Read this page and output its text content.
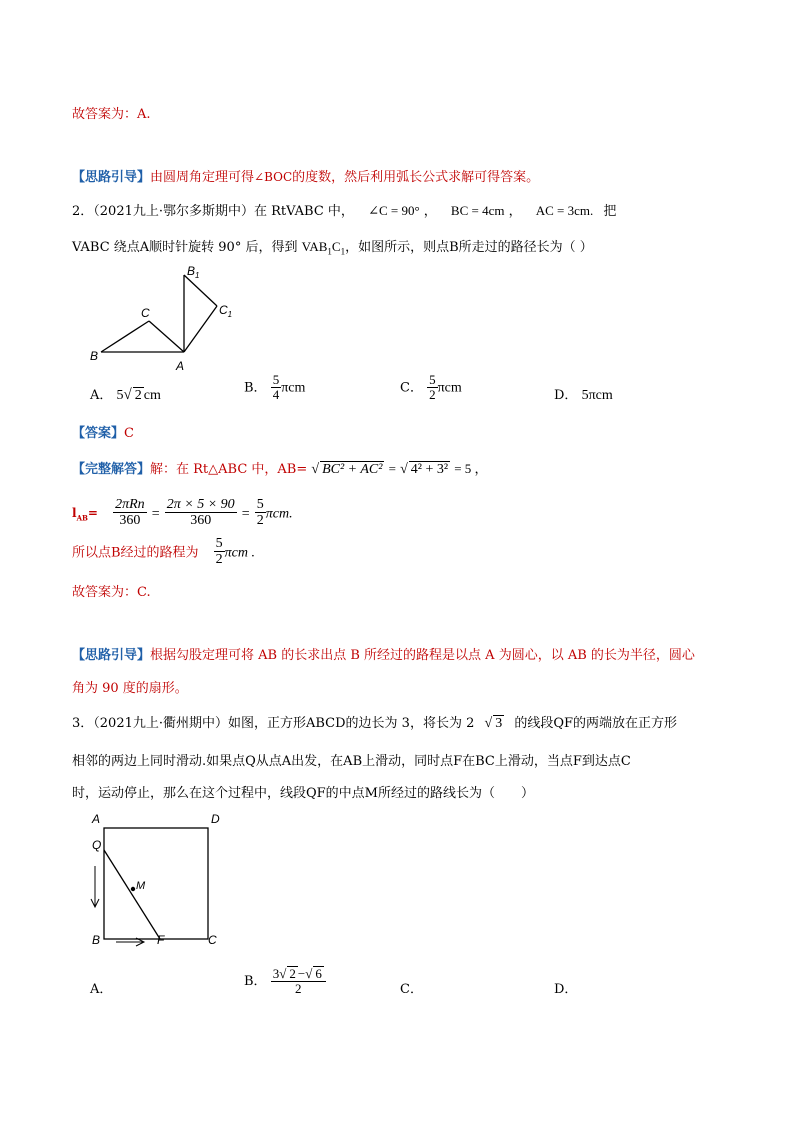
故答案为：A.
【思路引导】由圆周角定理可得∠BOC的度数，然后利用弧长公式求解可得答案。
2．（2021九上·鄂尔多斯期中）在 RtVABC 中， ∠C = 90° ， BC = 4cm ， AC = 3cm. 把
VABC 绕点A顺时针旋转 90° 后，得到 $VAB_1C_1$，如图所示，则点B所走过的路径长为（ ）
B
C
A
$B_1$
$C_1$
A． 5√ 2 cm
B． $\frac{5}{4}$ πcm	C． $\frac{5}{2}$ πcm
D． 5πcm
【答案】C
【完整解答】解：在 Rt△ABC 中，AB= √ BC² + AC² = √ 4² + 3² = 5 ，
$l_{AB}= \frac{\text{2πRn}}{360} = \frac{2\pi \times 5 \times 90}{360} = \frac{5}{2} \pi cm$.
所以点B经过的路程为 $\frac{5}{2}$ πcm .
故答案为：C.
【思路引导】根据勾股定理可将 AB 的长求出点 B 所经过的路程是以点 A 为圆心，以 AB 的长为半径，圆心
角为 90 度的扇形。
3．（2021九上·衢州期中）如图，正方形ABCD的边长为 3，将长为 2 √ 3 的线段QF的两端放在正方形
相邻的两边上同时滑动.如果点Q从点A出发，在AB上滑动，同时点F在BC上滑动，当点F到达点C
时，运动停止，那么在这个过程中，线段QF的中点M所经过的路线长为（　　）
A	D
Q
M
B	F	C
A．
B． $\frac{3√ 2 -√ 6}{2}$	C．	D．
